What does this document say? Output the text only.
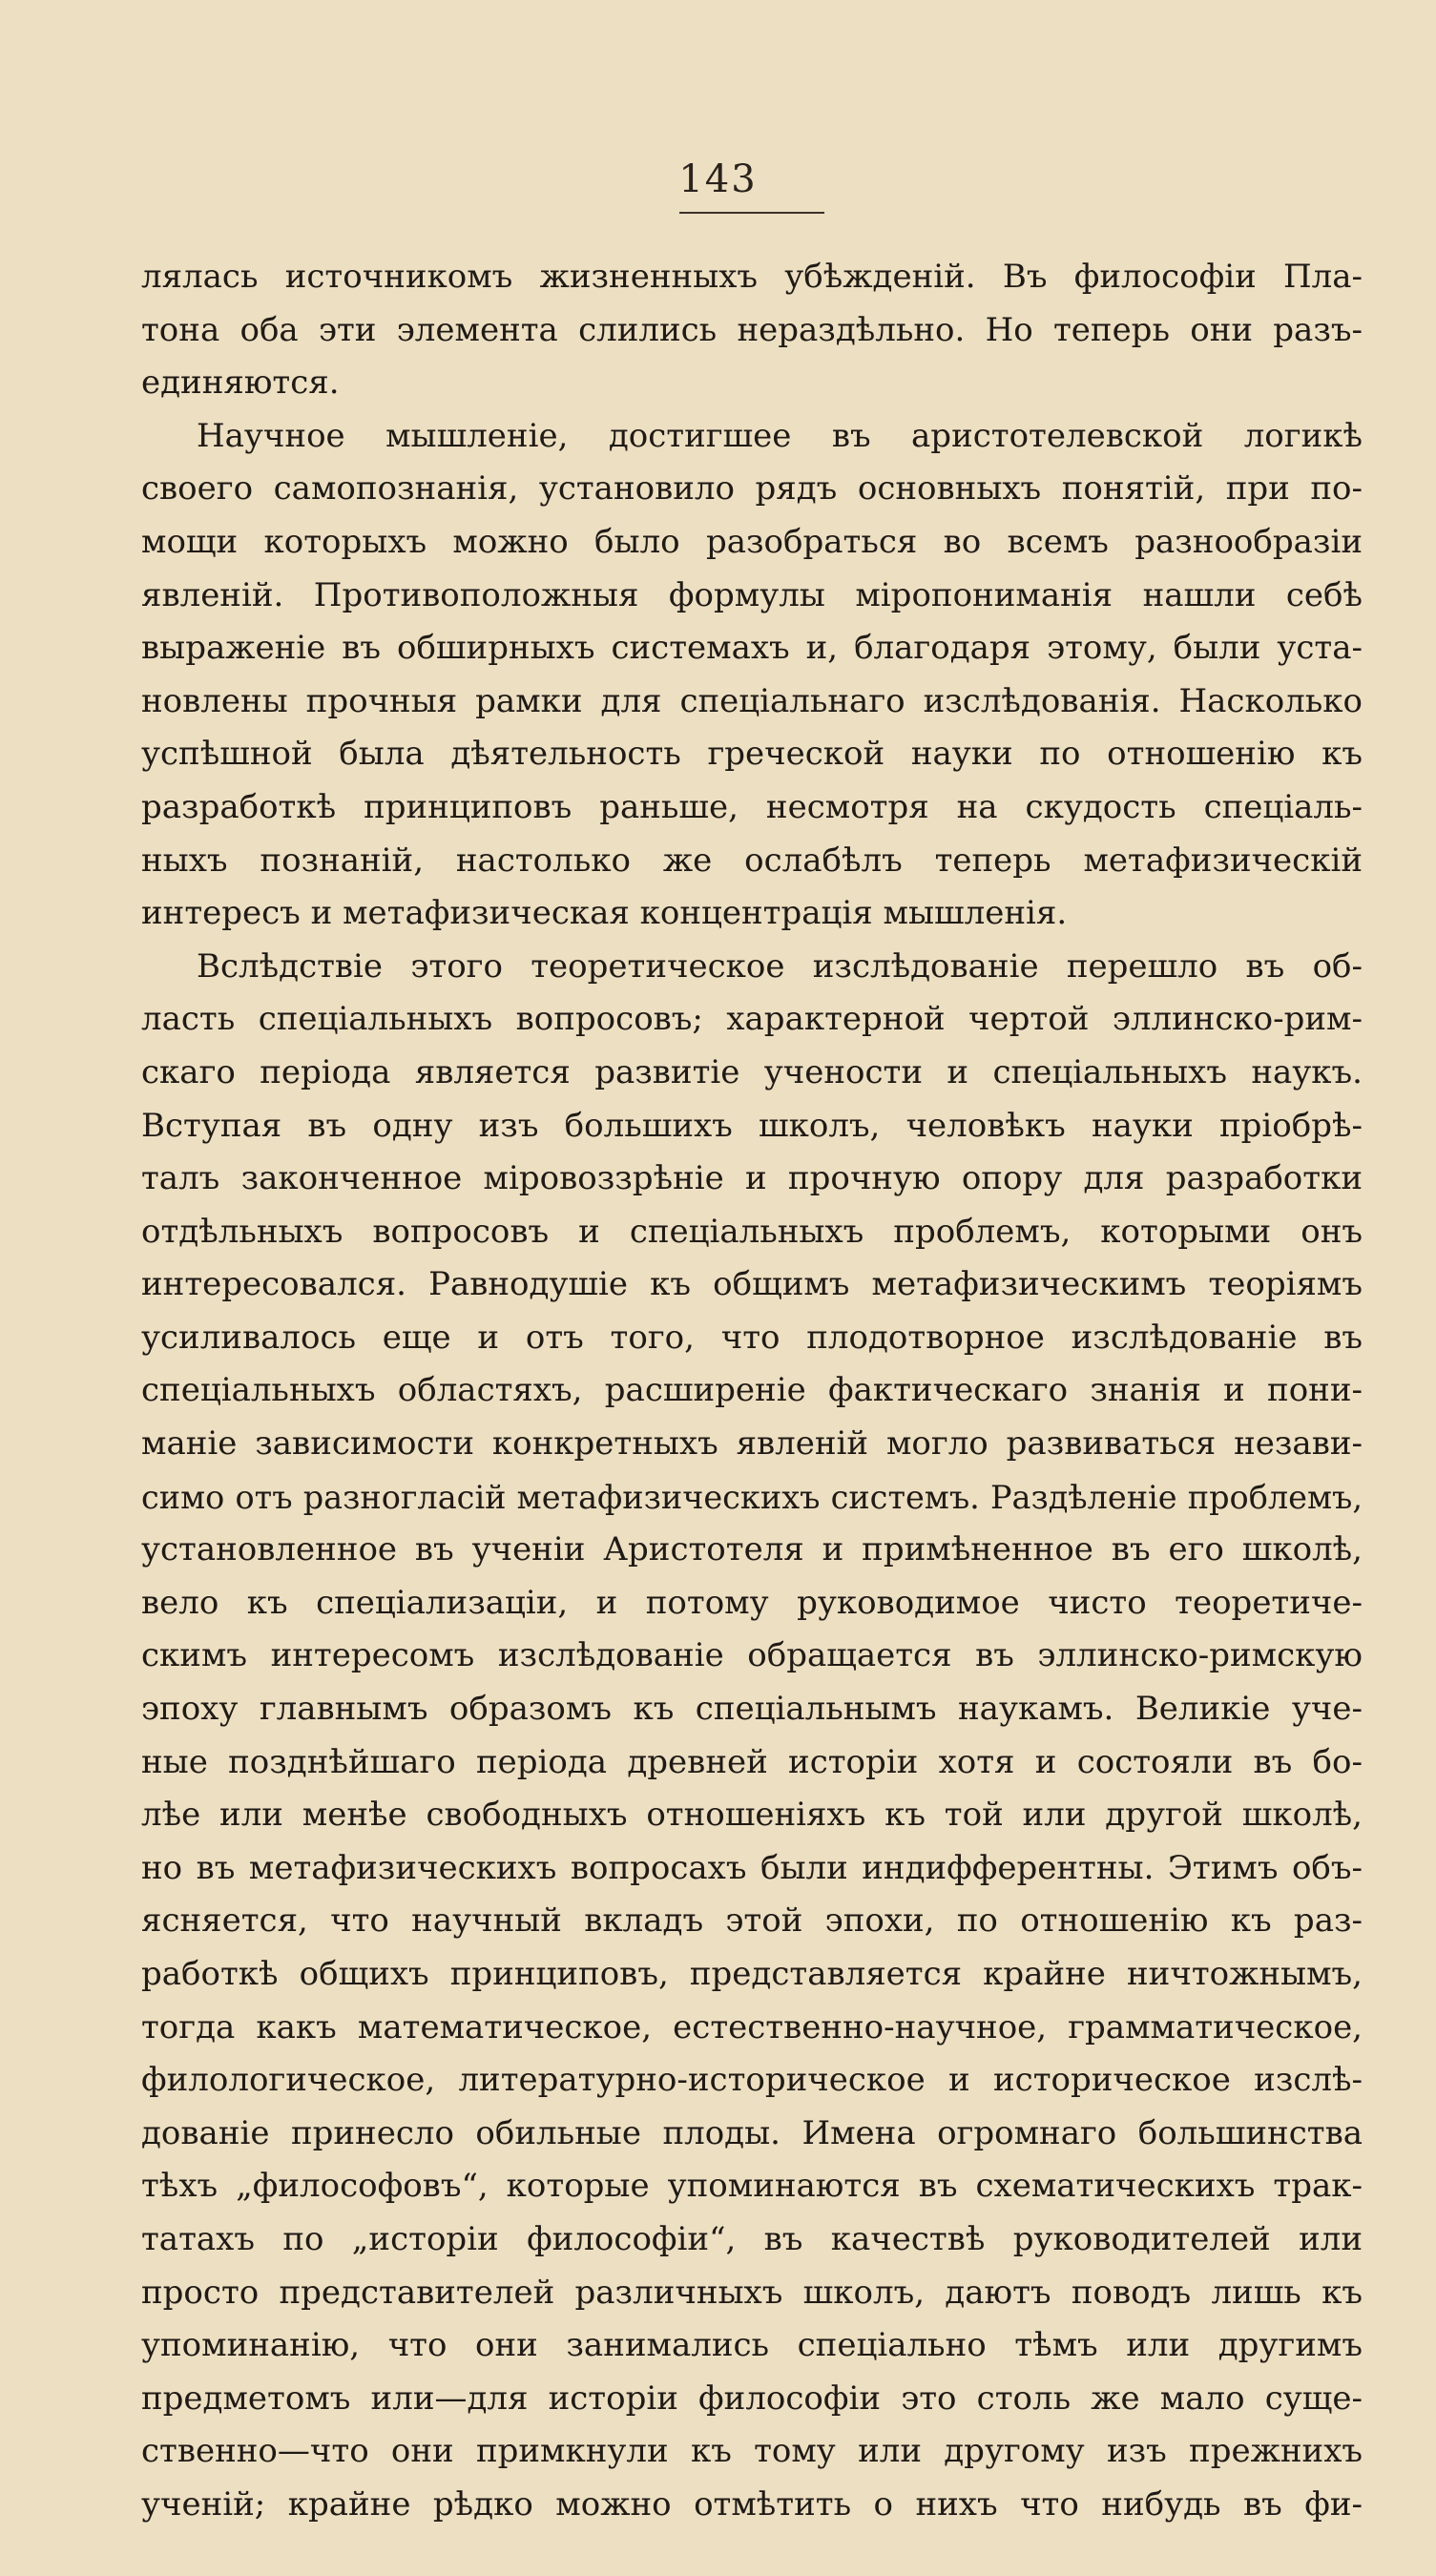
143
лялась источникомъ жизненныхъ убѣжденій. Въ философіи Пла-
тона оба эти элемента слились нераздѣльно. Но теперь они разъ-
единяются.
Научное мышленіе, достигшее въ аристотелевской логикѣ
своего самопознанія, установило рядъ основныхъ понятій, при по-
мощи которыхъ можно было разобраться во всемъ разнообразіи
явленій. Противоположныя формулы міропониманія нашли себѣ
выраженіе въ обширныхъ системахъ и, благодаря этому, были уста-
новлены прочныя рамки для спеціальнаго изслѣдованія. Насколько
успѣшной была дѣятельность греческой науки по отношенію къ
разработкѣ принциповъ раньше, несмотря на скудость спеціаль-
ныхъ познаній, настолько же ослабѣлъ теперь метафизическій
интересъ и метафизическая концентрація мышленія.
Вслѣдствіе этого теоретическое изслѣдованіе перешло въ об-
ласть спеціальныхъ вопросовъ; характерной чертой эллинско-рим-
скаго періода является развитіе учености и спеціальныхъ наукъ.
Вступая въ одну изъ большихъ школъ, человѣкъ науки пріобрѣ-
талъ законченное міровоззрѣніе и прочную опору для разработки
отдѣльныхъ вопросовъ и спеціальныхъ проблемъ, которыми онъ
интересовался. Равнодушіе къ общимъ метафизическимъ теоріямъ
усиливалось еще и отъ того, что плодотворное изслѣдованіе въ
спеціальныхъ областяхъ, расширеніе фактическаго знанія и пони-
маніе зависимости конкретныхъ явленій могло развиваться незави-
симо отъ разногласій метафизическихъ системъ. Раздѣленіе проблемъ,
установленное въ ученіи Аристотеля и примѣненное въ его школѣ,
вело къ спеціализаціи, и потому руководимое чисто теоретиче-
скимъ интересомъ изслѣдованіе обращается въ эллинско-римскую
эпоху главнымъ образомъ къ спеціальнымъ наукамъ. Великіе уче-
ные позднѣйшаго періода древней исторіи хотя и состояли въ бо-
лѣе или менѣе свободныхъ отношеніяхъ къ той или другой школѣ,
но въ метафизическихъ вопросахъ были индифферентны. Этимъ объ-
ясняется, что научный вкладъ этой эпохи, по отношенію къ раз-
работкѣ общихъ принциповъ, представляется крайне ничтожнымъ,
тогда какъ математическое, естественно-научное, грамматическое,
филологическое, литературно-историческое и историческое изслѣ-
дованіе принесло обильные плоды. Имена огромнаго большинства
тѣхъ „философовъ“, которые упоминаются въ схематическихъ трак-
татахъ по „исторіи философіи“, въ качествѣ руководителей или
просто представителей различныхъ школъ, даютъ поводъ лишь къ
упоминанію, что они занимались спеціально тѣмъ или другимъ
предметомъ или—для исторіи философіи это столь же мало суще-
ственно—что они примкнули къ тому или другому изъ прежнихъ
ученій; крайне рѣдко можно отмѣтить о нихъ что нибудь въ фи-
